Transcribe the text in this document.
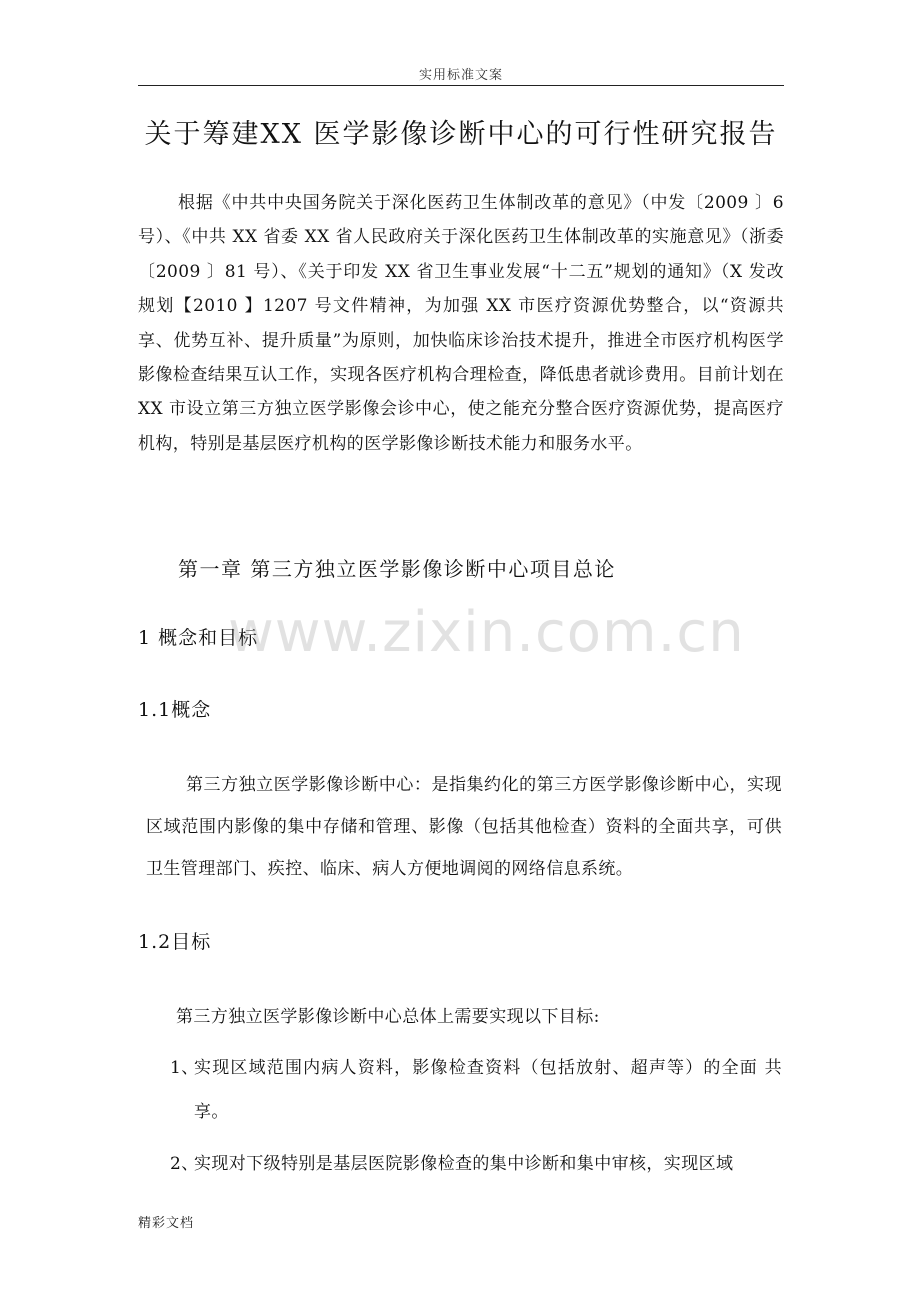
实用标准文案
关于筹建XX 医学影像诊断中心的可行性研究报告

根据《中共中央国务院关于深化医药卫生体制改革的意见》（中发〔2009 〕6 号）、《中共 XX 省委 XX 省人民政府关于深化医药卫生体制改革的实施意见》（浙委〔2009 〕81 号）、《关于印发 XX 省卫生事业发展“十二五”规划的通知》（X 发改规划【2010 】1207 号文件精神，为加强 XX 市医疗资源优势整合，以“资源共享、优势互补、提升质量”为原则，加快临床诊治技术提升，推进全市医疗机构医学影像检查结果互认工作，实现各医疗机构合理检查，降低患者就诊费用。目前计划在 XX 市设立第三方独立医学影像会诊中心，使之能充分整合医疗资源优势，提高医疗机构，特别是基层医疗机构的医学影像诊断技术能力和服务水平。

第一章 第三方独立医学影像诊断中心项目总论
1 概念和目标
1.1概念

第三方独立医学影像诊断中心：是指集约化的第三方医学影像诊断中心，实现区域范围内影像的集中存储和管理、影像（包括其他检查）资料的全面共享，可供卫生管理部门、疾控、临床、病人方便地调阅的网络信息系统。

1.2目标

第三方独立医学影像诊断中心总体上需要实现以下目标:

1、
实现区域范围内病人资料，影像检查资料（包括放射、超声等）的全面 共享。
2、
实现对下级特别是基层医院影像检查的集中诊断和集中审核，实现区域
www.zixin.com.cn
精彩文档
